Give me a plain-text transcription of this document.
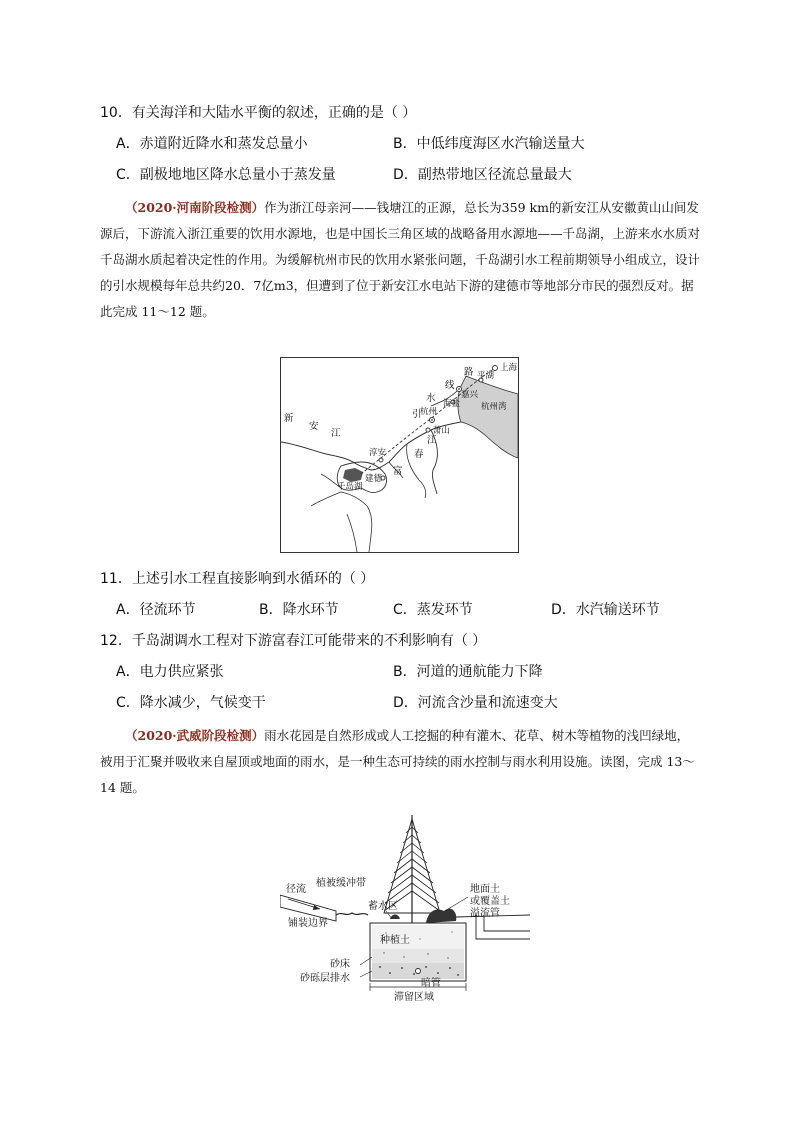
10．有关海洋和大陆水平衡的叙述，正确的是（ ）
A．赤道附近降水和蒸发总量小	B．中低纬度海区水汽输送量大
C．副极地地区降水总量小于蒸发量	D．副热带地区径流总量最大
（2020·河南阶段检测）作为浙江母亲河——钱塘江的正源，总长为359 km的新安江从安徽黄山山间发源后，下游流入浙江重要的饮用水源地，也是中国长三角区域的战略备用水源地——千岛湖，上游来水水质对千岛湖水质起着决定性的作用。为缓解杭州市民的饮用水紧张问题，千岛湖引水工程前期领导小组成立，设计的引水规模每年总共约20．7亿m3，但遭到了位于新安江水电站下游的建德市等地部分市民的强烈反对。据此完成 11～12 题。
上海
平湖
嘉兴
海盐 杭州湾
杭州
萧山
引
水
线
路
新
安
江
江
春
富
淳安
千岛湖
建德
11．上述引水工程直接影响到水循环的（ ）
A．径流环节	B．降水环节	C．蒸发环节	D．水汽输送环节
12．千岛湖调水工程对下游富春江可能带来的不利影响有（ ）
A．电力供应紧张	B．河道的通航能力下降
C．降水减少，气候变干	D．河流含沙量和流速变大
（2020·武威阶段检测）雨水花园是自然形成或人工挖掘的种有灌木、花草、树木等植物的浅凹绿地，被用于汇聚并吸收来自屋顶或地面的雨水，是一种生态可持续的雨水控制与雨水利用设施。读图，完成 13～14 题。
径流
植被缓冲带
蓄水区
地面土
或覆盖土
溢流管
铺装边界
种植土
砂床
砂砾层排水	暗管
滞留区域
